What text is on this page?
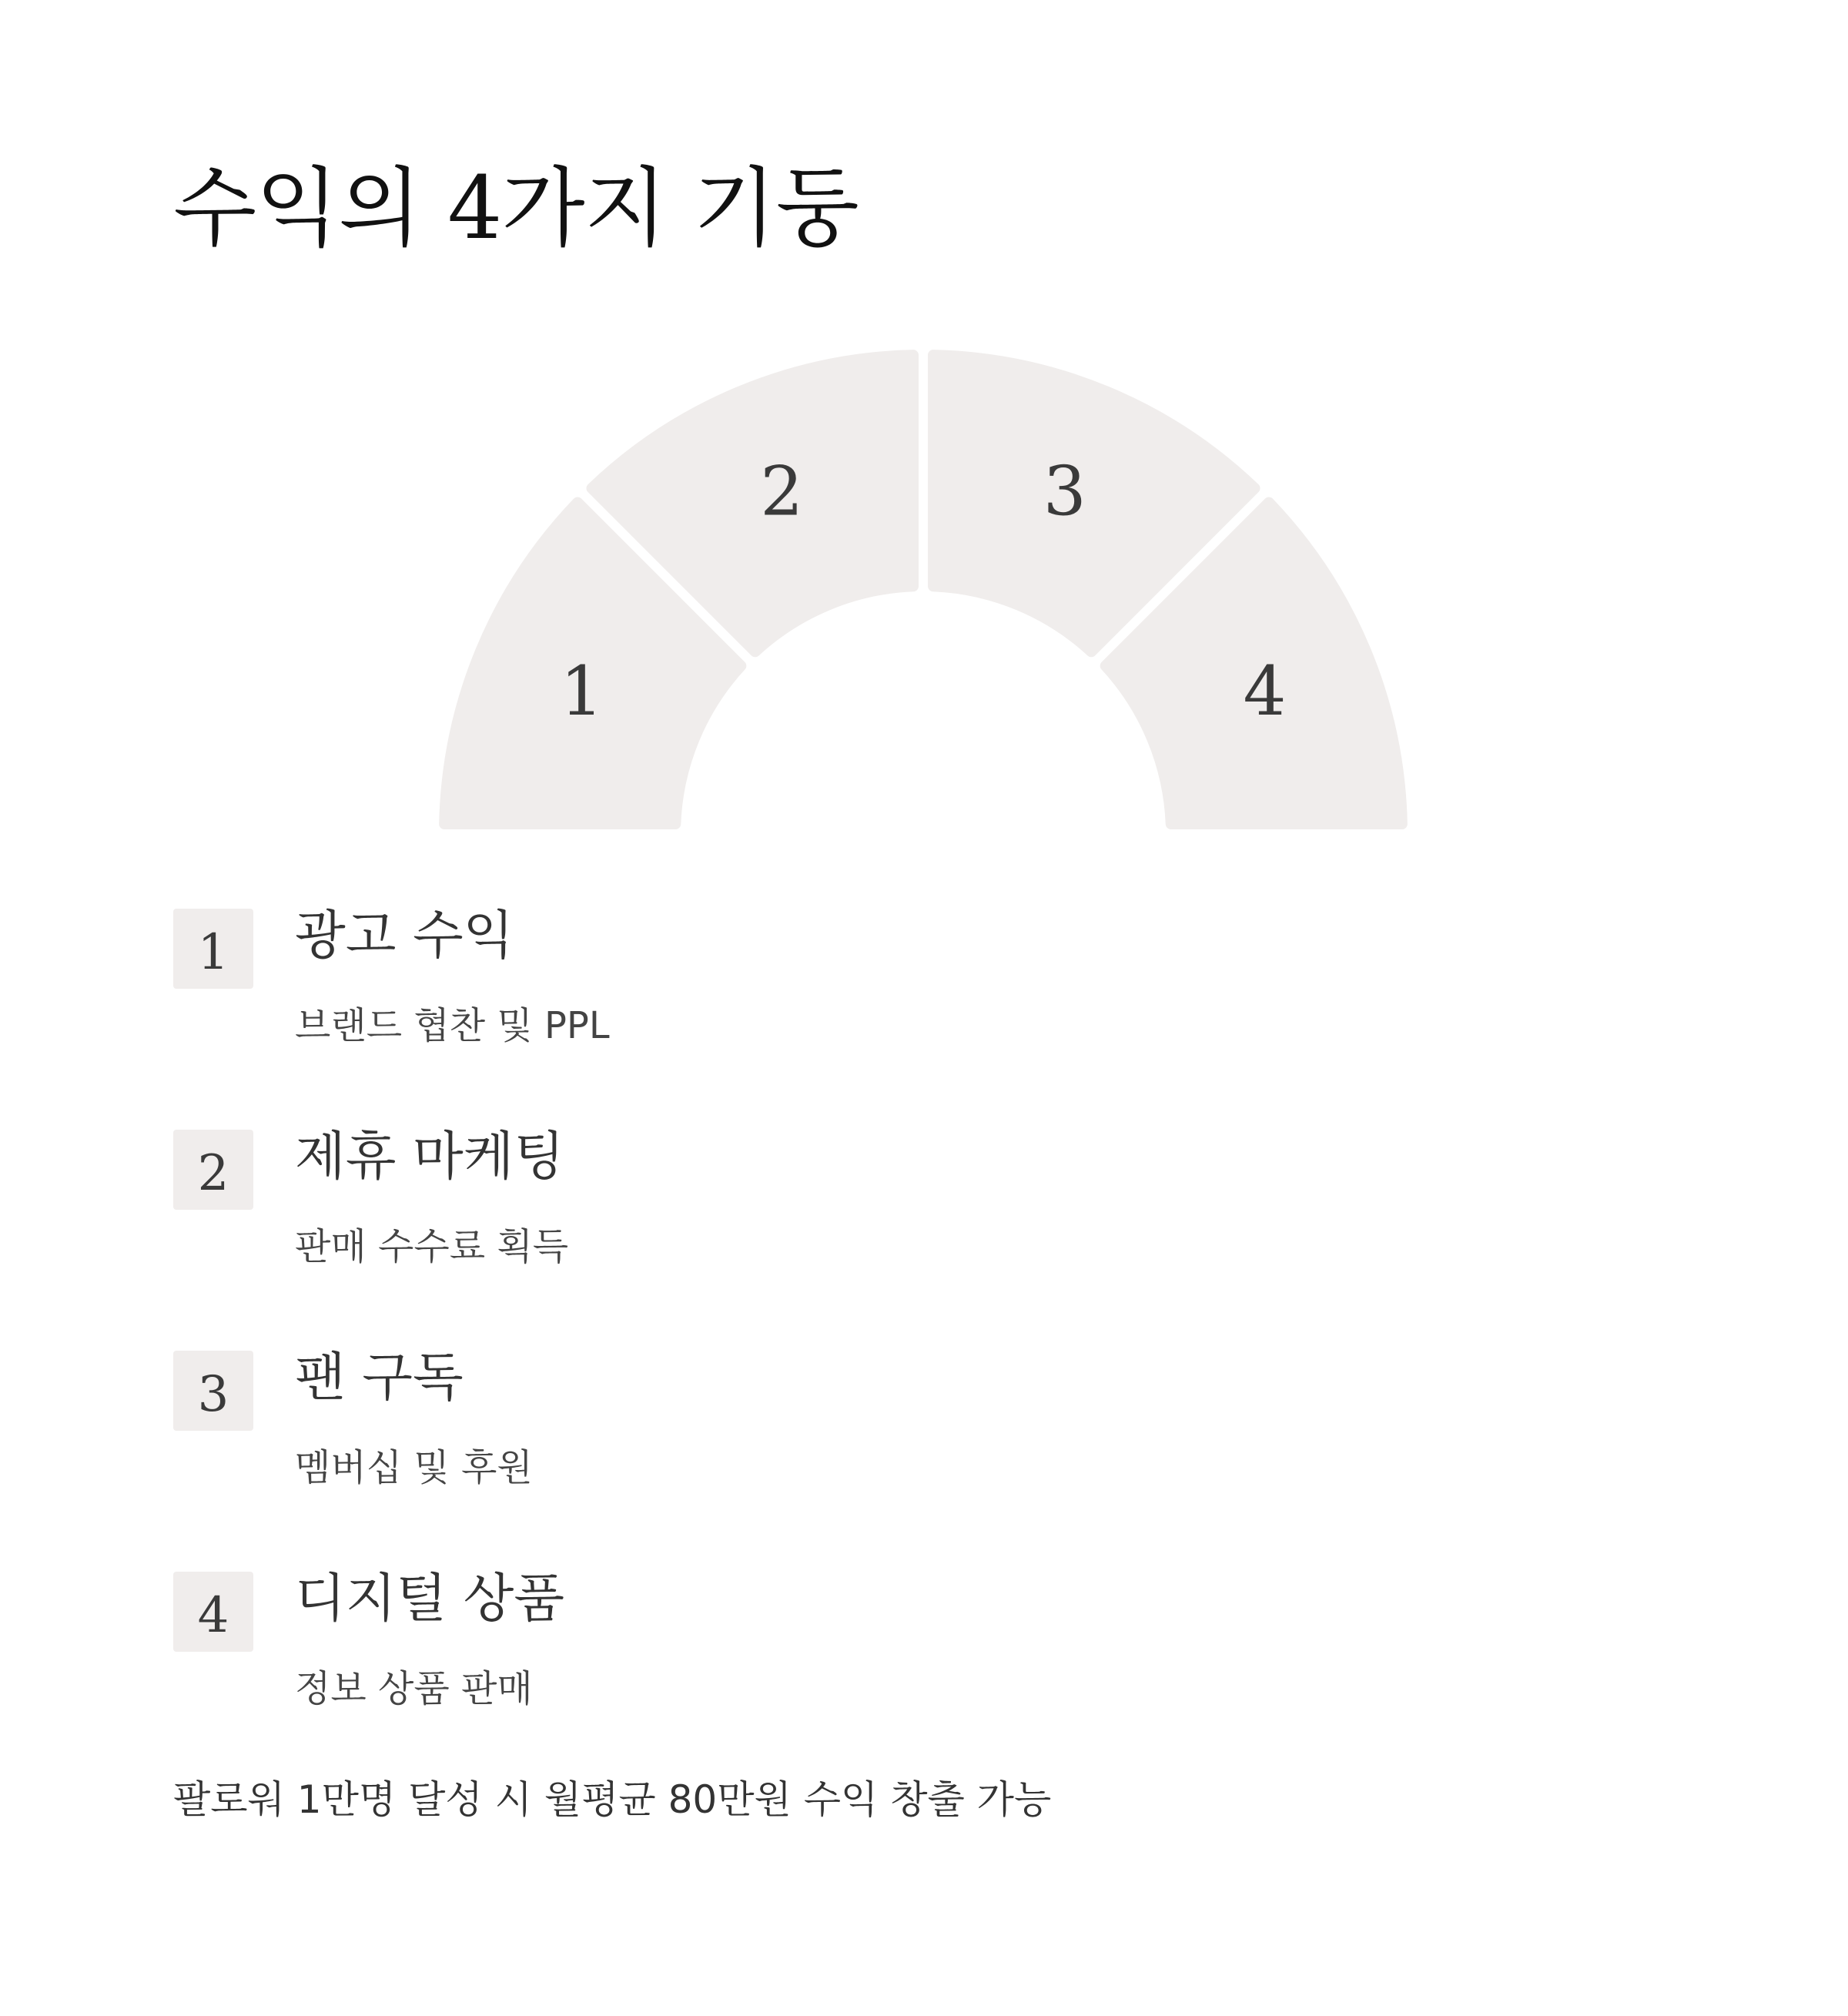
수익의 4가지 기둥
1
2	3
4
1	광고 수익
브랜드 협찬 및 PPL
2	제휴 마케팅
판매 수수료 획득
3	팬 구독
멤버십 및 후원
4	디지털 상품
정보 상품 판매
팔로워 1만명 달성 시 월평균 80만원 수익 창출 가능
